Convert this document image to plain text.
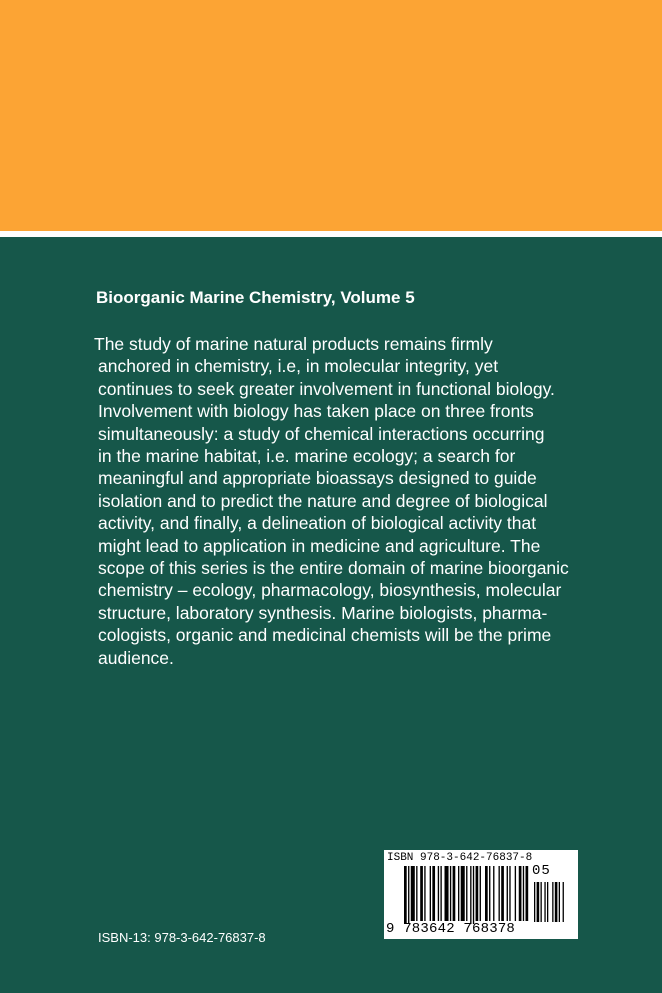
Bioorganic Marine Chemistry, Volume 5

The study of marine natural products remains firmly
anchored in chemistry, i.e, in molecular integrity, yet
continues to seek greater involvement in functional biology.
Involvement with biology has taken place on three fronts
simultaneously: a study of chemical interactions occurring
in the marine habitat, i.e. marine ecology; a search for
meaningful and appropriate bioassays designed to guide
isolation and to predict the nature and degree of biological
activity, and finally, a delineation of biological activity that
might lead to application in medicine and agriculture. The
scope of this series is the entire domain of marine bioorganic
chemistry – ecology, pharmacology, biosynthesis, molecular
structure, laboratory synthesis. Marine biologists, pharma-
cologists, organic and medicinal chemists will be the prime
audience.

ISBN-13: 978-3-642-76837-8
ISBN 978-3-642-76837-8
05
9 783642 768378
